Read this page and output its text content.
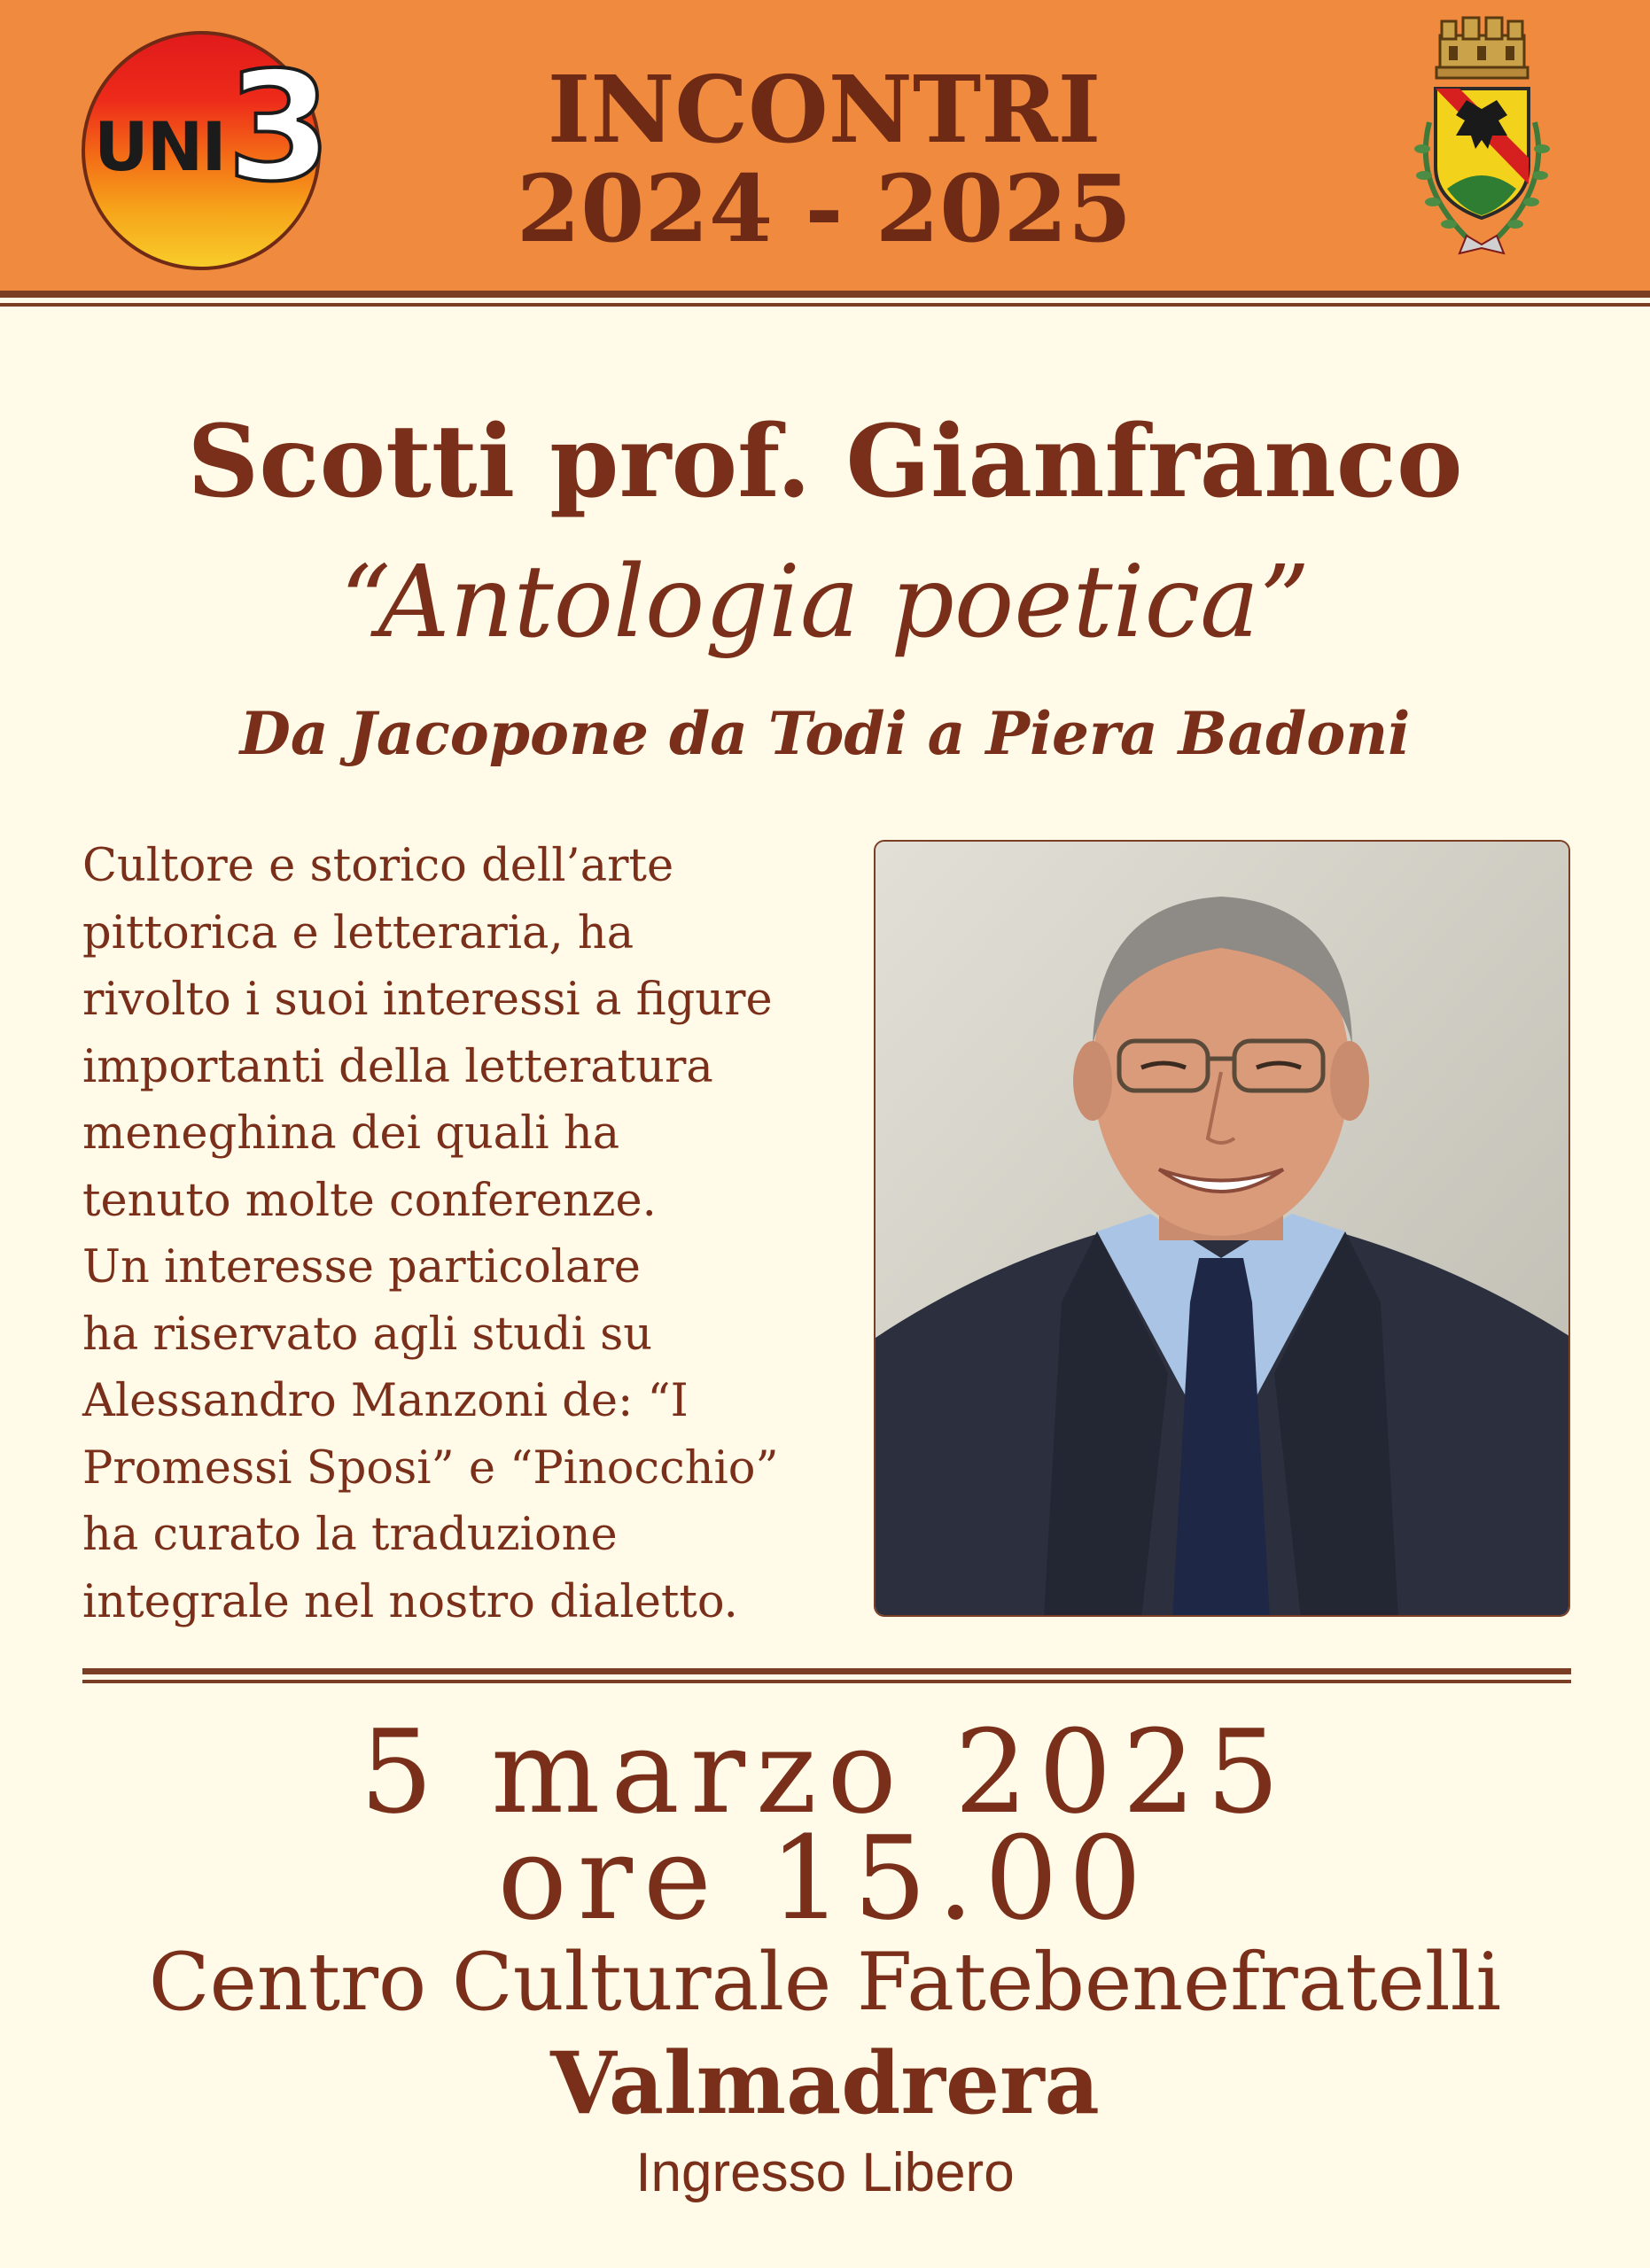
UNI 3	INCONTRI
2024 - 2025
Scotti prof. Gianfranco
“Antologia poetica”
Da Jacopone da Todi a Piera Badoni
Cultore e storico dell’arte
pittorica e letteraria, ha
rivolto i suoi interessi a figure
importanti della letteratura
meneghina dei quali ha
tenuto molte conferenze.
Un interesse particolare
ha riservato agli studi su
Alessandro Manzoni de: “I
Promessi Sposi” e “Pinocchio”
ha curato la traduzione
integrale nel nostro dialetto.
5 marzo 2025
ore 15.00
Centro Culturale Fatebenefratelli
Valmadrera
Ingresso Libero
